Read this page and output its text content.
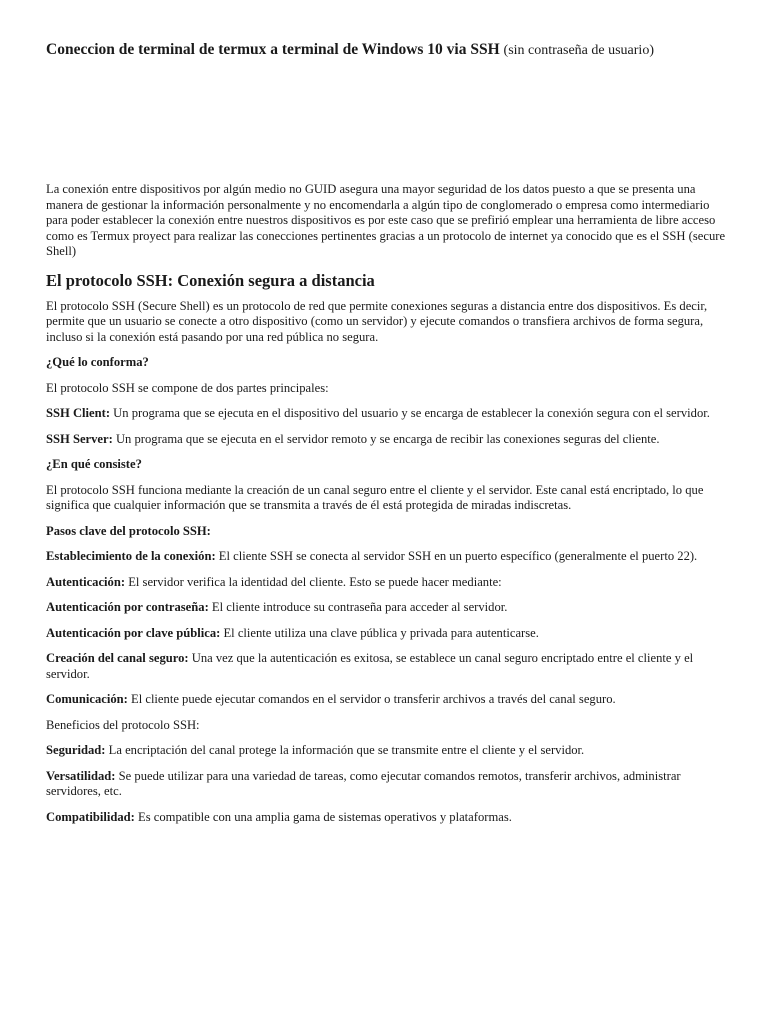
Coneccion de terminal de termux a terminal de Windows 10 via SSH (sin contraseña de usuario)

La conexión entre dispositivos por algún medio no GUID asegura una mayor seguridad de los datos puesto a que se presenta una manera de gestionar la información personalmente y no encomendarla a algún tipo de conglomerado o empresa como intermediario para poder establecer la conexión entre nuestros dispositivos es por este caso que se prefirió emplear una herramienta de libre acceso como es Termux proyect para realizar las conecciones pertinentes gracias a un protocolo de internet ya conocido que es el SSH (secure Shell)

El protocolo SSH: Conexión segura a distancia

El protocolo SSH (Secure Shell) es un protocolo de red que permite conexiones seguras a distancia entre dos dispositivos. Es decir, permite que un usuario se conecte a otro dispositivo (como un servidor) y ejecute comandos o transfiera archivos de forma segura, incluso si la conexión está pasando por una red pública no segura.

¿Qué lo conforma?

El protocolo SSH se compone de dos partes principales:

SSH Client: Un programa que se ejecuta en el dispositivo del usuario y se encarga de establecer la conexión segura con el servidor.

SSH Server: Un programa que se ejecuta en el servidor remoto y se encarga de recibir las conexiones seguras del cliente.

¿En qué consiste?

El protocolo SSH funciona mediante la creación de un canal seguro entre el cliente y el servidor. Este canal está encriptado, lo que significa que cualquier información que se transmita a través de él está protegida de miradas indiscretas.

Pasos clave del protocolo SSH:

Establecimiento de la conexión: El cliente SSH se conecta al servidor SSH en un puerto específico (generalmente el puerto 22).

Autenticación: El servidor verifica la identidad del cliente. Esto se puede hacer mediante:

Autenticación por contraseña: El cliente introduce su contraseña para acceder al servidor.

Autenticación por clave pública: El cliente utiliza una clave pública y privada para autenticarse.

Creación del canal seguro: Una vez que la autenticación es exitosa, se establece un canal seguro encriptado entre el cliente y el servidor.

Comunicación: El cliente puede ejecutar comandos en el servidor o transferir archivos a través del canal seguro.

Beneficios del protocolo SSH:

Seguridad: La encriptación del canal protege la información que se transmite entre el cliente y el servidor.

Versatilidad: Se puede utilizar para una variedad de tareas, como ejecutar comandos remotos, transferir archivos, administrar servidores, etc.

Compatibilidad: Es compatible con una amplia gama de sistemas operativos y plataformas.
